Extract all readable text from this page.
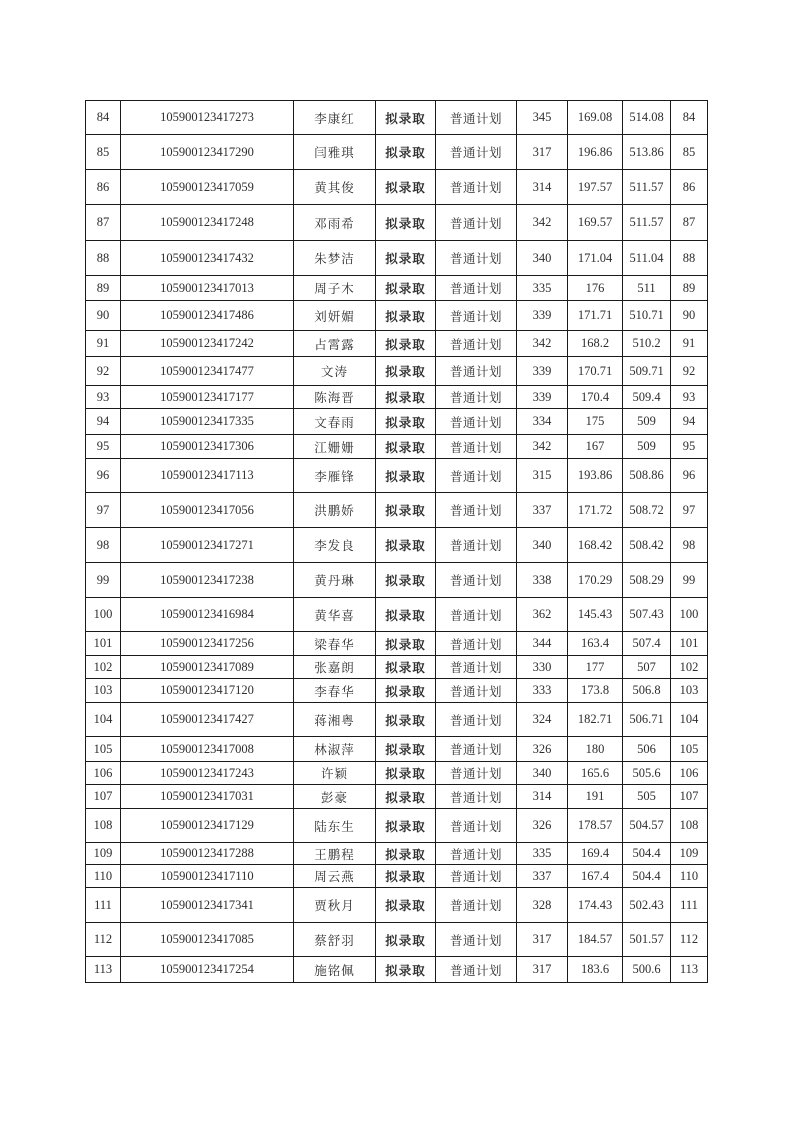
84	105900123417273	李康红	拟录取	普通计划	345	169.08	514.08	84
85	105900123417290	闫雅琪	拟录取	普通计划	317	196.86	513.86	85
86	105900123417059	黄其俊	拟录取	普通计划	314	197.57	511.57	86
87	105900123417248	邓雨希	拟录取	普通计划	342	169.57	511.57	87
88	105900123417432	朱梦洁	拟录取	普通计划	340	171.04	511.04	88
89	105900123417013	周子木	拟录取	普通计划	335	176	511	89
90	105900123417486	刘妍媚	拟录取	普通计划	339	171.71	510.71	90
91	105900123417242	占霄露	拟录取	普通计划	342	168.2	510.2	91
92	105900123417477	文涛	拟录取	普通计划	339	170.71	509.71	92
93	105900123417177	陈海晋	拟录取	普通计划	339	170.4	509.4	93
94	105900123417335	文春雨	拟录取	普通计划	334	175	509	94
95	105900123417306	江姗姗	拟录取	普通计划	342	167	509	95
96	105900123417113	李雁锋	拟录取	普通计划	315	193.86	508.86	96
97	105900123417056	洪鹏娇	拟录取	普通计划	337	171.72	508.72	97
98	105900123417271	李发良	拟录取	普通计划	340	168.42	508.42	98
99	105900123417238	黄丹琳	拟录取	普通计划	338	170.29	508.29	99
100	105900123416984	黄华喜	拟录取	普通计划	362	145.43	507.43	100
101	105900123417256	梁春华	拟录取	普通计划	344	163.4	507.4	101
102	105900123417089	张嘉朗	拟录取	普通计划	330	177	507	102
103	105900123417120	李春华	拟录取	普通计划	333	173.8	506.8	103
104	105900123417427	蒋湘粤	拟录取	普通计划	324	182.71	506.71	104
105	105900123417008	林淑萍	拟录取	普通计划	326	180	506	105
106	105900123417243	许颖	拟录取	普通计划	340	165.6	505.6	106
107	105900123417031	彭豪	拟录取	普通计划	314	191	505	107
108	105900123417129	陆东生	拟录取	普通计划	326	178.57	504.57	108
109	105900123417288	王鹏程	拟录取	普通计划	335	169.4	504.4	109
110	105900123417110	周云燕	拟录取	普通计划	337	167.4	504.4	110
111	105900123417341	贾秋月	拟录取	普通计划	328	174.43	502.43	111
112	105900123417085	蔡舒羽	拟录取	普通计划	317	184.57	501.57	112
113	105900123417254	施铭佩	拟录取	普通计划	317	183.6	500.6	113
